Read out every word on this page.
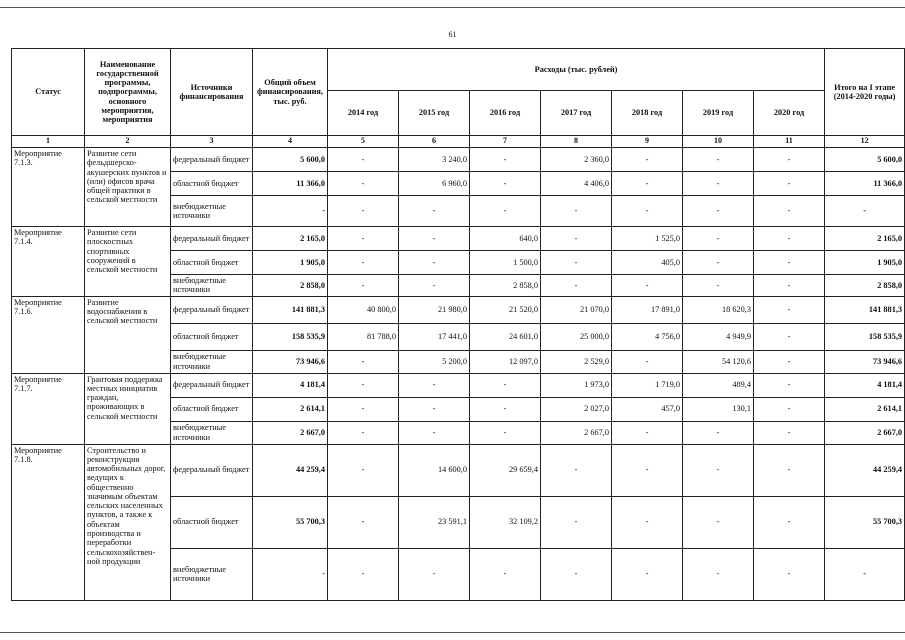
61
Статус	Наименование государственной программы, подпрограммы, основного мероприятия, мероприятия	Источники финансирования	Общий объем финансирования, тыс. руб.	Расходы (тыс. рублей)							Итого на I этапе (2014-2020 годы)
				2014 год	2015 год	2016 год	2017 год	2018 год	2019 год	2020 год	
1	2	3	4	5	6	7	8	9	10	11	12
Мероприятие 7.1.3.	Развитие сети фельдшерско-акушерских пунктов и (или) офисов врача общей практики в сельской местности	федеральный бюджет	5 600,0	-	3 240,0	-	2 360,0	-	-	-	5 600,0
		областной бюджет	11 366,0	-	6 960,0	-	4 406,0	-	-	-	11 366,0
		внебюджетные источники	-	-	-	-	-	-	-	-	-
Мероприятие 7.1.4.	Развитие сети плоскостных спортивных сооружений в сельской местности	федеральный бюджет	2 165,0	-	-	640,0	-	1 525,0	-	-	2 165,0
		областной бюджет	1 905,0	-	-	1 500,0	-	405,0	-	-	1 905,0
		внебюджетные источники	2 858,0	-	-	2 858,0	-	-	-	-	2 858,0
Мероприятие 7.1.6.	Развитие водоснабжения в сельской местности	федеральный бюджет	141 881,3	40 800,0	21 980,0	21 520,0	21 070,0	17 891,0	18 620,3	-	141 881,3
		областной бюджет	158 535,9	81 788,0	17 441,0	24 601,0	25 000,0	4 756,0	4 949,9	-	158 535,9
		внебюджетные источники	73 946,6	-	5 200,0	12 097,0	2 529,0	-	54 120,6	-	73 946,6
Мероприятие 7.1.7.	Грантовая поддержка местных инициатив граждан, проживающих в сельской местности	федеральный бюджет	4 181,4	-	-	-	1 973,0	1 719,0	489,4	-	4 181,4
		областной бюджет	2 614,1	-	-	-	2 027,0	457,0	130,1	-	2 614,1
		внебюджетные источники	2 667,0	-	-	-	2 667,0	-	-	-	2 667,0
Мероприятие 7.1.8.	Строительство и реконструкция автомобильных дорог, ведущих к общественно значимым объектам сельских населенных пунктов, а также к объектам производства и переработки сельскохозяйствен-ной продукции	федеральный бюджет	44 259,4	-	14 600,0	29 659,4	-	-	-	-	44 259,4
		областной бюджет	55 700,3	-	23 591,1	32 109,2	-	-	-	-	55 700,3
		внебюджетные источники	-	-	-	-	-	-	-	-	-
